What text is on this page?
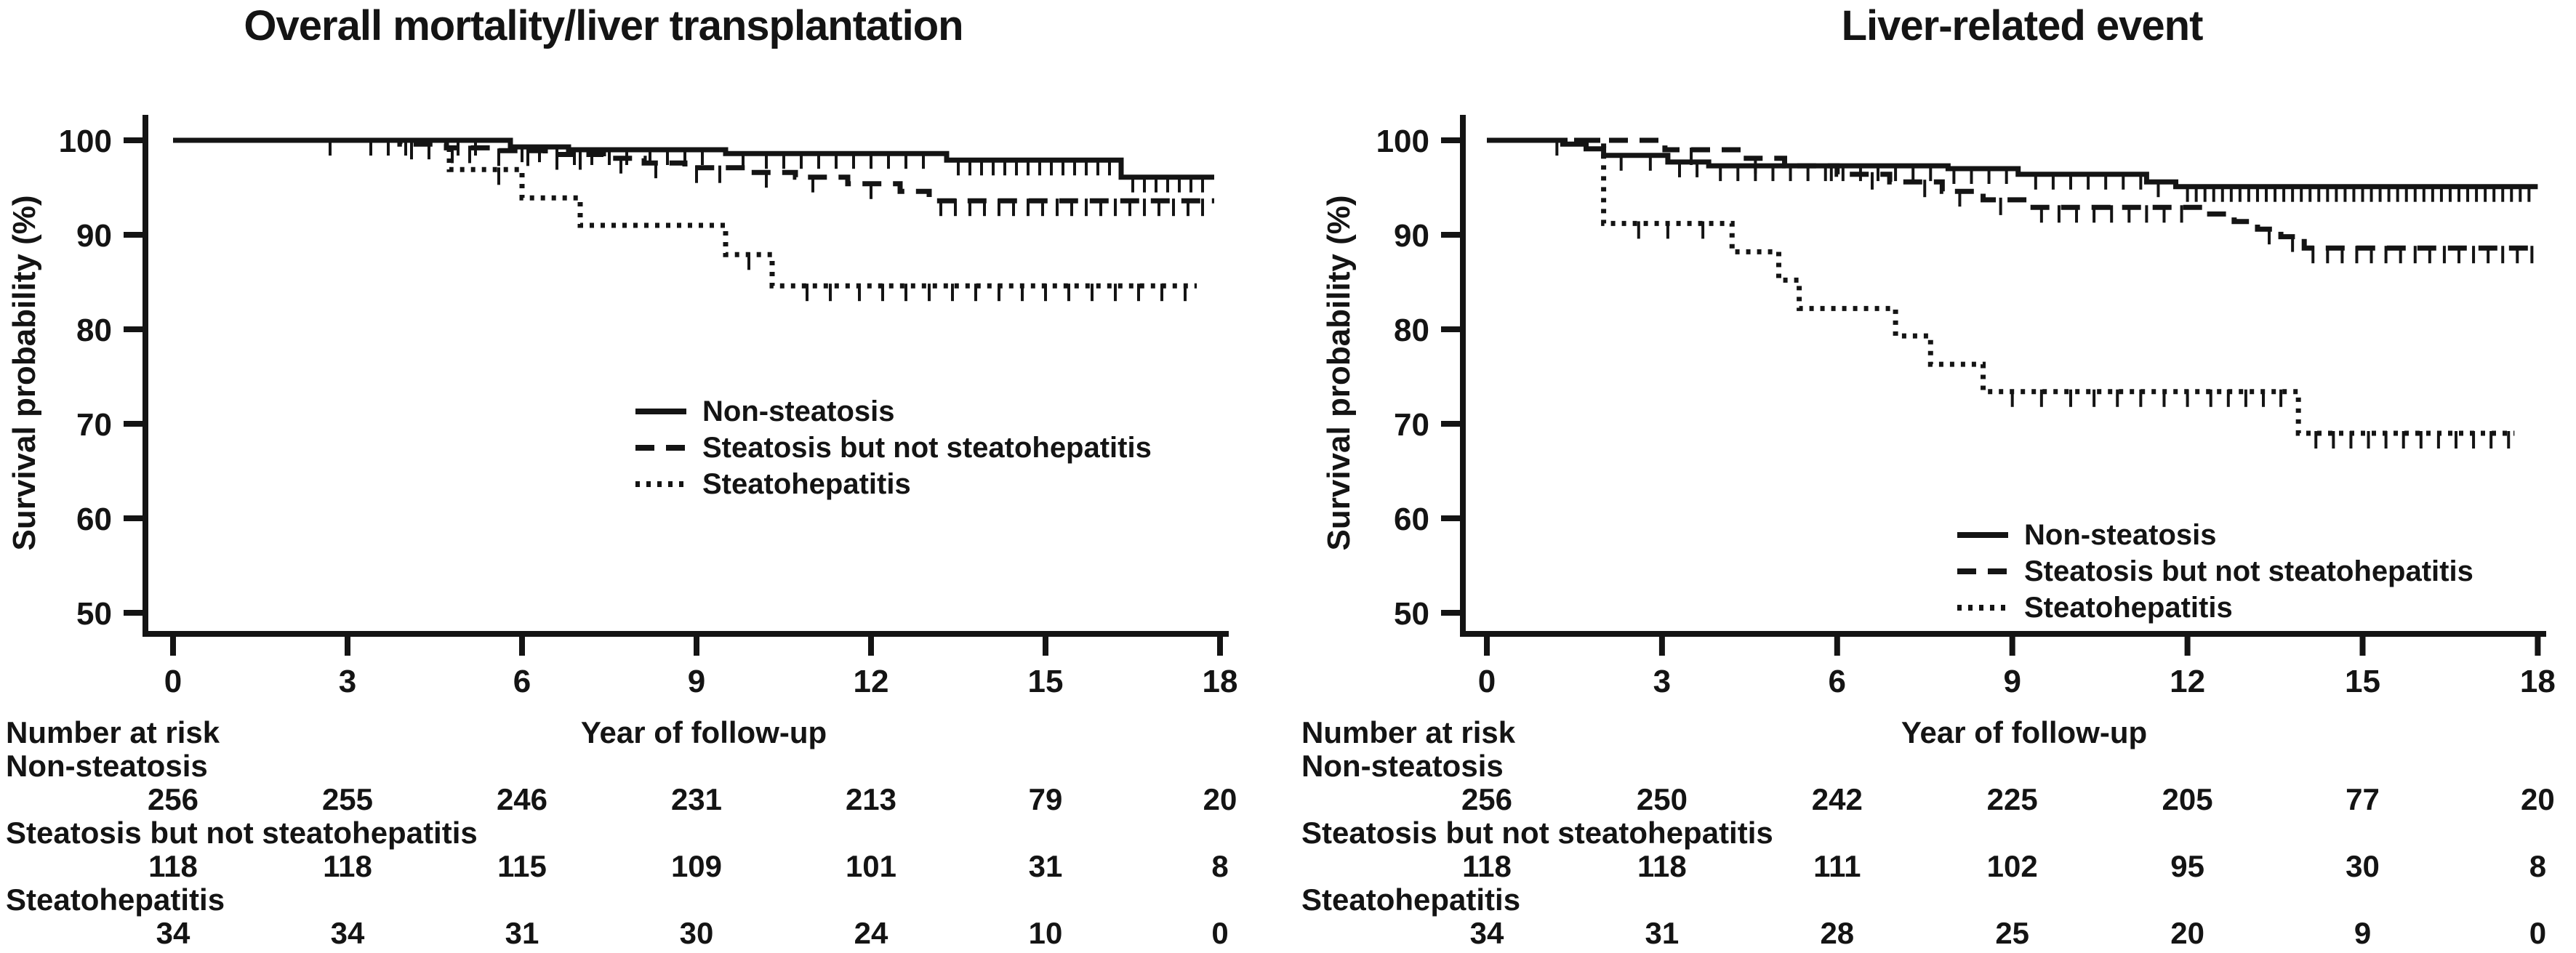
Overall mortality/liver transplantation
Survival probability (%)
100
90
80
70
60
50
0	3	6	9	12	15	18
256	255	246	231	213	79	20
118	118	115	109	101	31	8
34	34	31	30	24	10	0
Non-steatosis
Steatosis but not steatohepatitis
Steatohepatitis
Year of follow-up
Number at risk
Non-steatosis
Steatosis but not steatohepatitis
Steatohepatitis
Liver-related event
Survival probability (%)
100
90
80
70
60
50
0	3	6	9	12	15	18
256	250	242	225	205	77	20
118	118	111	102	95	30	8
34	31	28	25	20	9	0
Non-steatosis
Steatosis but not steatohepatitis
Steatohepatitis
Year of follow-up
Number at risk
Non-steatosis
Steatosis but not steatohepatitis
Steatohepatitis
